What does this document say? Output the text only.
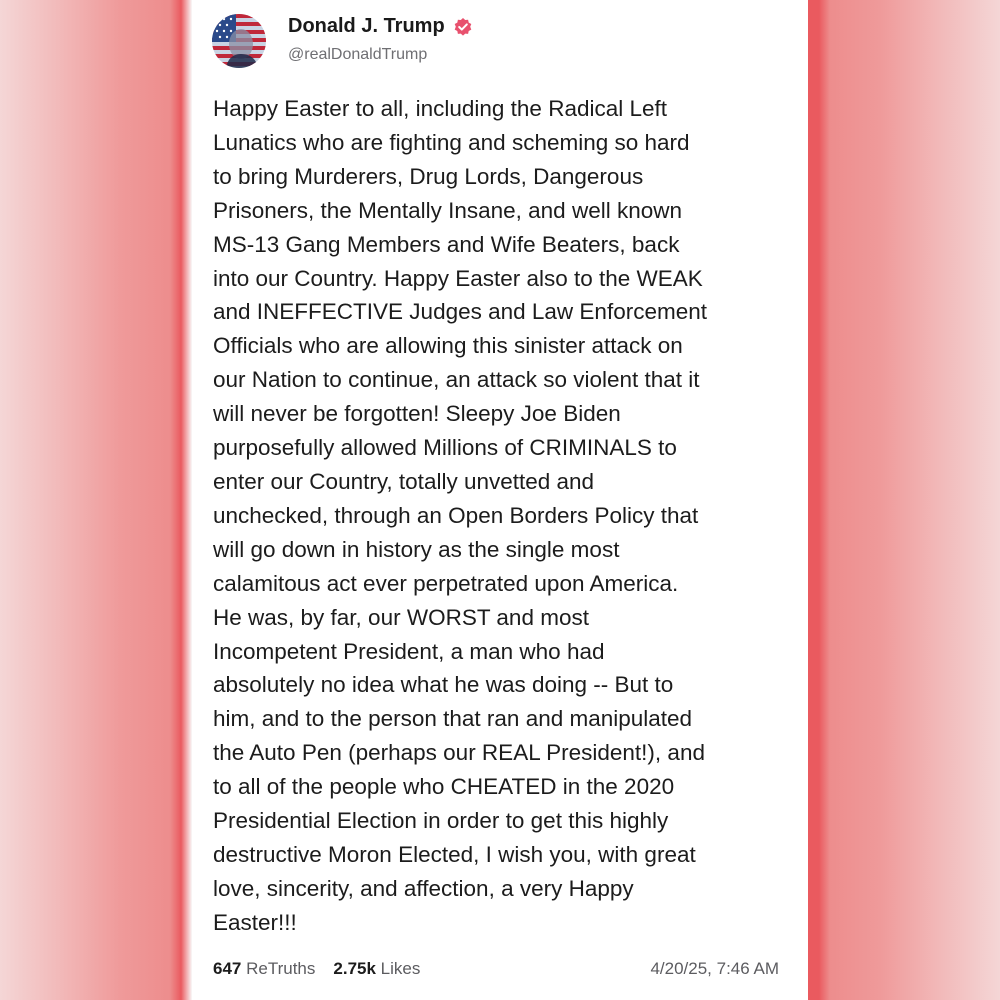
Donald J. Trump
@realDonaldTrump
Happy Easter to all, including the Radical Left
Lunatics who are fighting and scheming so hard
to bring Murderers, Drug Lords, Dangerous
Prisoners, the Mentally Insane, and well known
MS-13 Gang Members and Wife Beaters, back
into our Country. Happy Easter also to the WEAK
and INEFFECTIVE Judges and Law Enforcement
Officials who are allowing this sinister attack on
our Nation to continue, an attack so violent that it
will never be forgotten! Sleepy Joe Biden
purposefully allowed Millions of CRIMINALS to
enter our Country, totally unvetted and
unchecked, through an Open Borders Policy that
will go down in history as the single most
calamitous act ever perpetrated upon America.
He was, by far, our WORST and most
Incompetent President, a man who had
absolutely no idea what he was doing -- But to
him, and to the person that ran and manipulated
the Auto Pen (perhaps our REAL President!), and
to all of the people who CHEATED in the 2020
Presidential Election in order to get this highly
destructive Moron Elected, I wish you, with great
love, sincerity, and affection, a very Happy
Easter!!!
647 ReTruths 2.75k Likes	4/20/25, 7:46 AM
